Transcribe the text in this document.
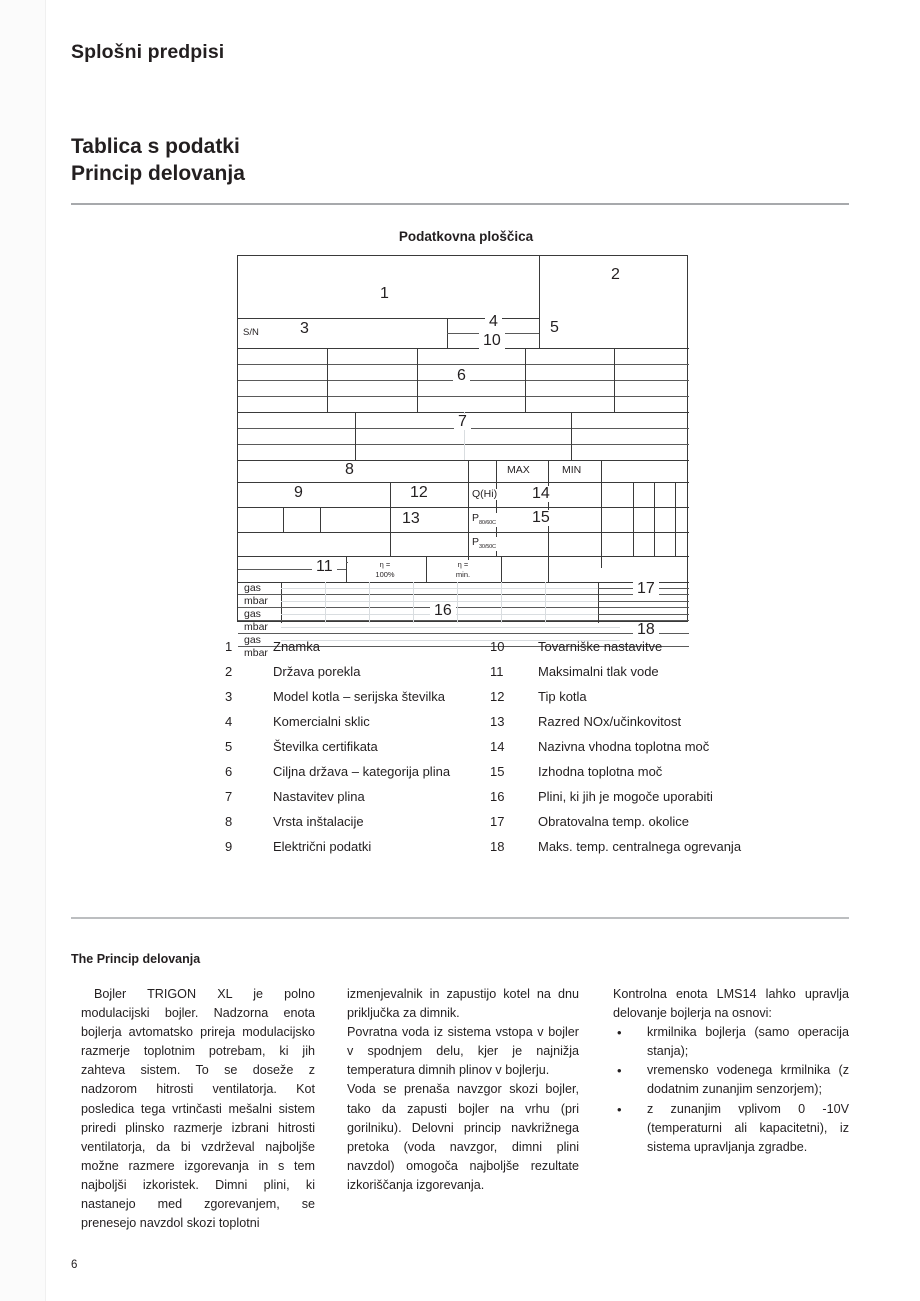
Splošni predpisi
Tablica s podatki
Princip delovanja
Podatkovna ploščica
1
2
S/N	3	4
10
5
6
7
8	MAX	MIN
9	12
13
14
15
Q(Hi)
$P_{80/60C}$
$P_{30/50C}$
11	η =
100%
η =
min.
gas
mbar
gas
mbar
gas
mbar
16
17
18
1	Znamka
2	Država porekla
3	Model kotla – serijska številka
4	Komercialni sklic
5	Številka certifikata
6	Ciljna država – kategorija plina
7	Nastavitev plina
8	Vrsta inštalacije
9	Električni podatki
10	Tovarniške nastavitve
11	Maksimalni tlak vode
12	Tip kotla
13	Razred NOx/učinkovitost
14	Nazivna vhodna toplotna moč
15	Izhodna toplotna moč
16	Plini, ki jih je mogoče uporabiti
17	Obratovalna temp. okolice
18	Maks. temp. centralnega ogrevanja
The Princip delovanja

Bojler TRIGON XL je polno modulacijski bojler. Nadzorna enota bojlerja avtomatsko prireja modulacijsko razmerje toplotnim potrebam, ki jih zahteva sistem. To se doseže z nadzorom hitrosti ventilatorja. Kot posledica tega vrtinčasti mešalni sistem priredi plinsko razmerje izbrani hitrosti ventilatorja, da bi vzdrževal najboljše možne razmere izgorevanja in s tem najboljši izkoristek. Dimni plini, ki nastanejo med zgorevanjem, se prenesejo navzdol skozi toplotni

izmenjevalnik in zapustijo kotel na dnu priključka za dimnik.

Povratna voda iz sistema vstopa v bojler v spodnjem delu, kjer je najnižja temperatura dimnih plinov v bojlerju.

Voda se prenaša navzgor skozi bojler, tako da zapusti bojler na vrhu (pri gorilniku). Delovni princip navkrižnega pretoka (voda navzgor, dimni plini navzdol) omogoča najboljše rezultate izkoriščanja izgorevanja.

Kontrolna enota LMS14 lahko upravlja delovanje bojlerja na osnovi:

• krmilnika bojlerja (samo operacija stanja);
• vremensko vodenega krmilnika (z dodatnim zunanjim senzorjem);
• z zunanjim vplivom 0 -10V (temperaturni ali kapacitetni), iz sistema upravljanja zgradbe.
6
